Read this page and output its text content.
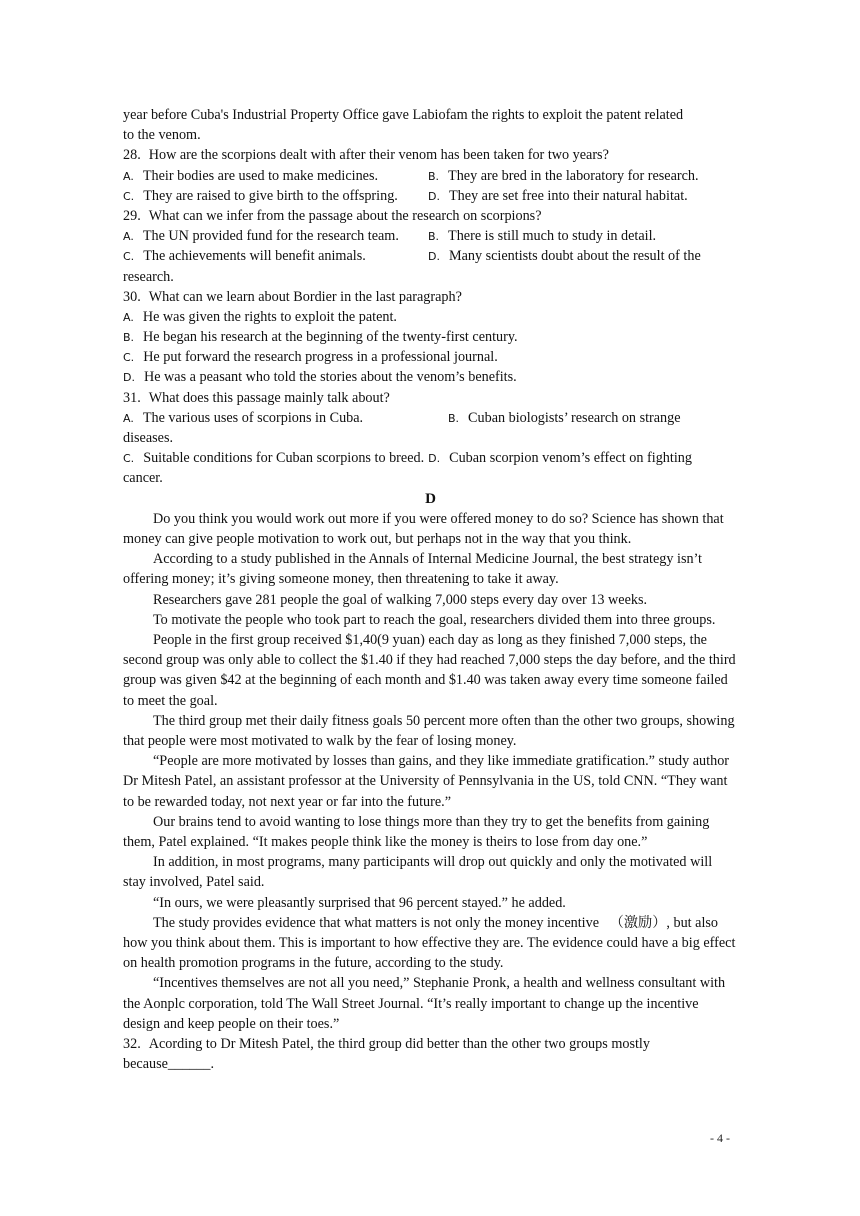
year before Cuba's Industrial Property Office gave Labiofam the rights to exploit the patent related
to the venom.
28. How are the scorpions dealt with after their venom has been taken for two years?
A. Their bodies are used to make medicines.	B. They are bred in the laboratory for research.
C. They are raised to give birth to the offspring.	D. They are set free into their natural habitat.
29. What can we infer from the passage about the research on scorpions?
A. The UN provided fund for the research team.	B. There is still much to study in detail.
C. The achievements will benefit animals.	D. Many scientists doubt about the result of the
research.
30. What can we learn about Bordier in the last paragraph?
A. He was given the rights to exploit the patent.
B. He began his research at the beginning of the twenty-first century.
C. He put forward the research progress in a professional journal.
D. He was a peasant who told the stories about the venom’s benefits.
31. What does this passage mainly talk about?
A. The various uses of scorpions in Cuba.	B. Cuban biologists’ research on strange
diseases.
C. Suitable conditions for Cuban scorpions to breed. D. Cuban scorpion venom’s effect on fighting
cancer.
D
Do you think you would work out more if you were offered money to do so? Science has shown that money can give people motivation to work out, but perhaps not in the way that you think.
According to a study published in the Annals of Internal Medicine Journal, the best strategy isn’t offering money; it’s giving someone money, then threatening to take it away.
Researchers gave 281 people the goal of walking 7,000 steps every day over 13 weeks.
To motivate the people who took part to reach the goal, researchers divided them into three groups.
People in the first group received $1,40(9 yuan) each day as long as they finished 7,000 steps, the second group was only able to collect the $1.40 if they had reached 7,000 steps the day before, and the third group was given $42 at the beginning of each month and $1.40 was taken away every time someone failed to meet the goal.
The third group met their daily fitness goals 50 percent more often than the other two groups, showing that people were most motivated to walk by the fear of losing money.
“People are more motivated by losses than gains, and they like immediate gratification.” study author Dr Mitesh Patel, an assistant professor at the University of Pennsylvania in the US, told CNN. “They want to be rewarded today, not next year or far into the future.”
Our brains tend to avoid wanting to lose things more than they try to get the benefits from gaining them, Patel explained. “It makes people think like the money is theirs to lose from day one.”
In addition, in most programs, many participants will drop out quickly and only the motivated will stay involved, Patel said.
“In ours, we were pleasantly surprised that 96 percent stayed.” he added.
The study provides evidence that what matters is not only the money incentive 　（激励）, but also how you think about them. This is important to how effective they are. The evidence could have a big effect on health promotion programs in the future, according to the study.
“Incentives themselves are not all you need,” Stephanie Pronk, a health and wellness consultant with the Aonplc corporation, told The Wall Street Journal. “It’s really important to change up the incentive design and keep people on their toes.”
32. Acording to Dr Mitesh Patel, the third group did better than the other two groups mostly
because______.
- 4 -
